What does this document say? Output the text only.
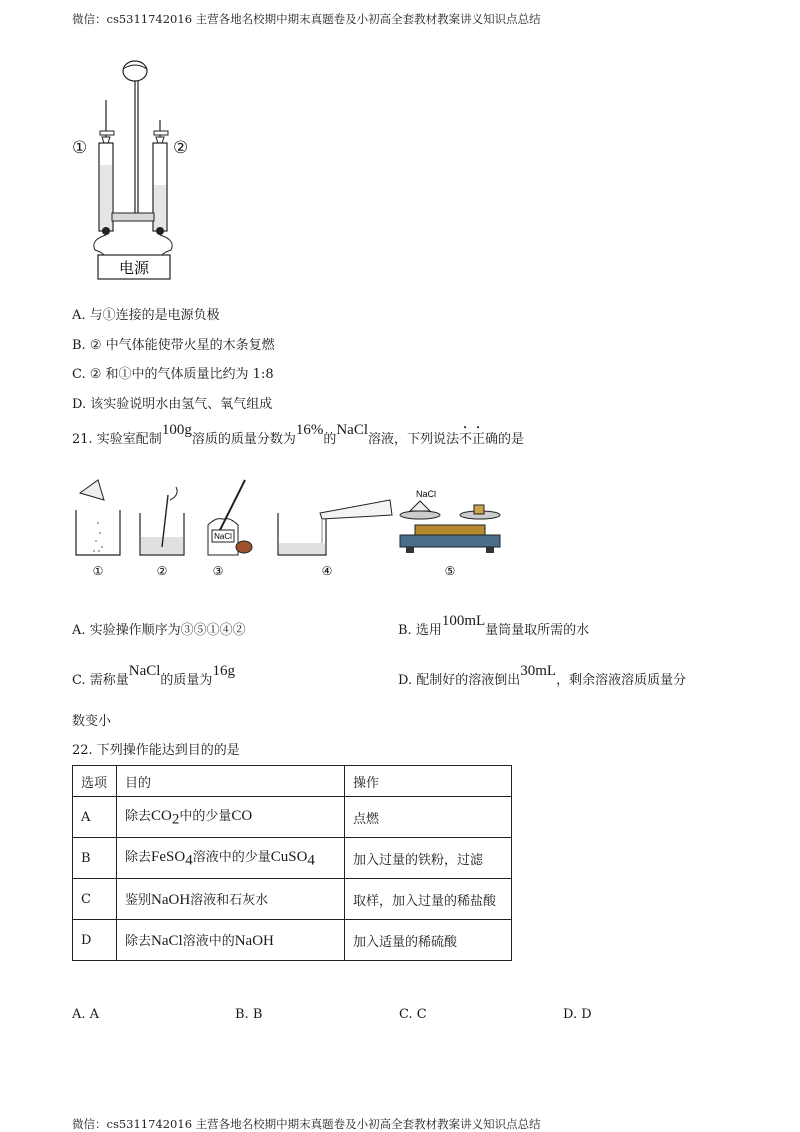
微信：cs5311742016 主营各地名校期中期末真题卷及小初高全套教材教案讲义知识点总结
电源
①	②
A. 与①连接的是电源负极
B. ② 中气体能使带火星的木条复燃
C. ② 和①中的气体质量比约为 1:8
D. 该实验说明水由氢气、氧气组成
21. 实验室配制100g溶质的质量分数为16%的NaCl溶液，下列说法不正确的是
NaCl
NaCl
①	②	③	④	⑤
A. 实验操作顺序为③⑤①④②	B. 选用100mL量筒量取所需的水
C. 需称量NaCl的质量为16g
D. 配制好的溶液倒出30mL，剩余溶液溶质质量分
数变小
22. 下列操作能达到目的的是
选项	目的	操作
A	除去$CO_2$中的少量CO	点燃
B	除去FeSO$_4$溶液中的少量CuSO$_4$	加入过量的铁粉，过滤
C	鉴别NaOH溶液和石灰水	取样，加入过量的稀盐酸
D	除去NaCl溶液中的NaOH	加入适量的稀硫酸
A. A	B. B	C. C	D. D
微信：cs5311742016 主营各地名校期中期末真题卷及小初高全套教材教案讲义知识点总结
